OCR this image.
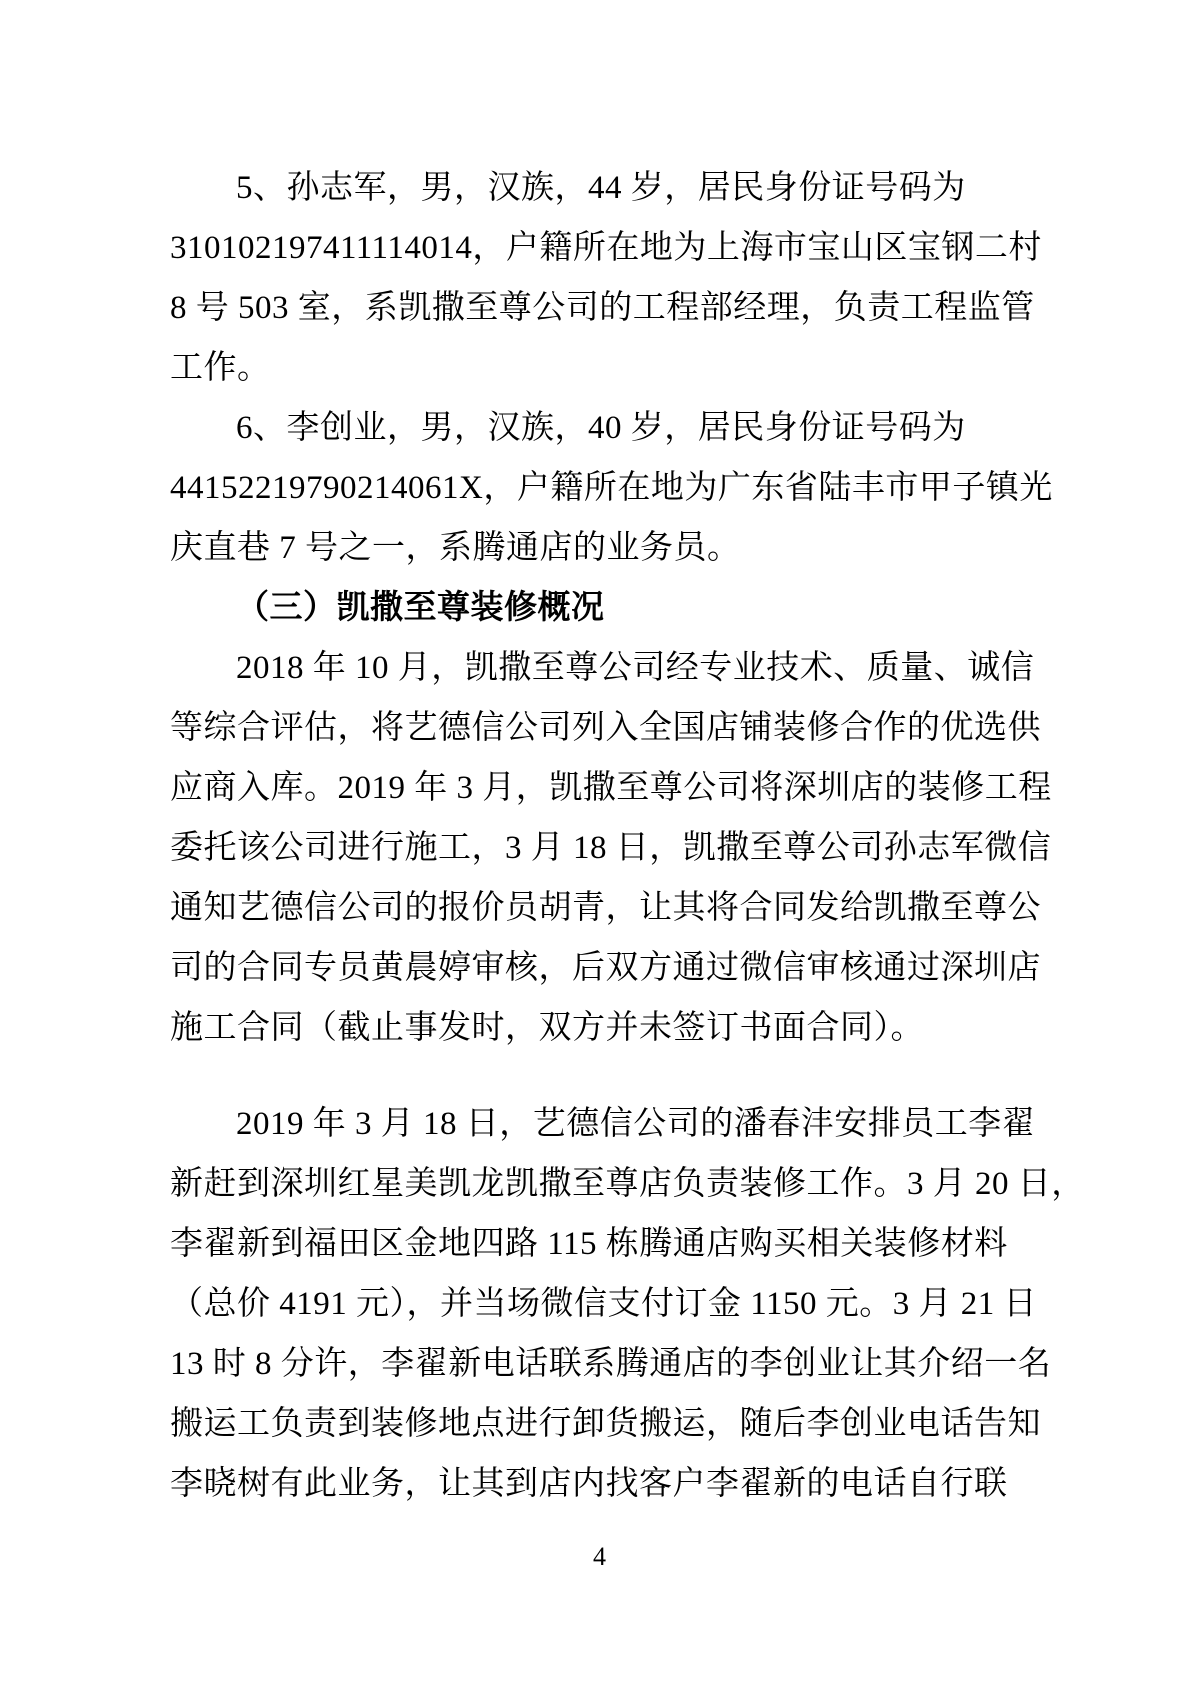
5、孙志军，男，汉族，44 岁，居民身份证号码为
310102197411114014，户籍所在地为上海市宝山区宝钢二村
8 号 503 室，系凯撒至尊公司的工程部经理，负责工程监管
工作。
6、李创业，男，汉族，40 岁，居民身份证号码为
44152219790214061X，户籍所在地为广东省陆丰市甲子镇光
庆直巷 7 号之一，系腾通店的业务员。
（三）凯撒至尊装修概况
2018 年 10 月，凯撒至尊公司经专业技术、质量、诚信
等综合评估，将艺德信公司列入全国店铺装修合作的优选供
应商入库。2019 年 3 月，凯撒至尊公司将深圳店的装修工程
委托该公司进行施工，3 月 18 日，凯撒至尊公司孙志军微信
通知艺德信公司的报价员胡青，让其将合同发给凯撒至尊公
司的合同专员黄晨婷审核，后双方通过微信审核通过深圳店
施工合同（截止事发时，双方并未签订书面合同）。
2019 年 3 月 18 日，艺德信公司的潘春沣安排员工李翟
新赶到深圳红星美凯龙凯撒至尊店负责装修工作。3 月 20 日，
李翟新到福田区金地四路 115 栋腾通店购买相关装修材料
（总价 4191 元），并当场微信支付订金 1150 元。3 月 21 日
13 时 8 分许，李翟新电话联系腾通店的李创业让其介绍一名
搬运工负责到装修地点进行卸货搬运，随后李创业电话告知
李晓树有此业务，让其到店内找客户李翟新的电话自行联
4
